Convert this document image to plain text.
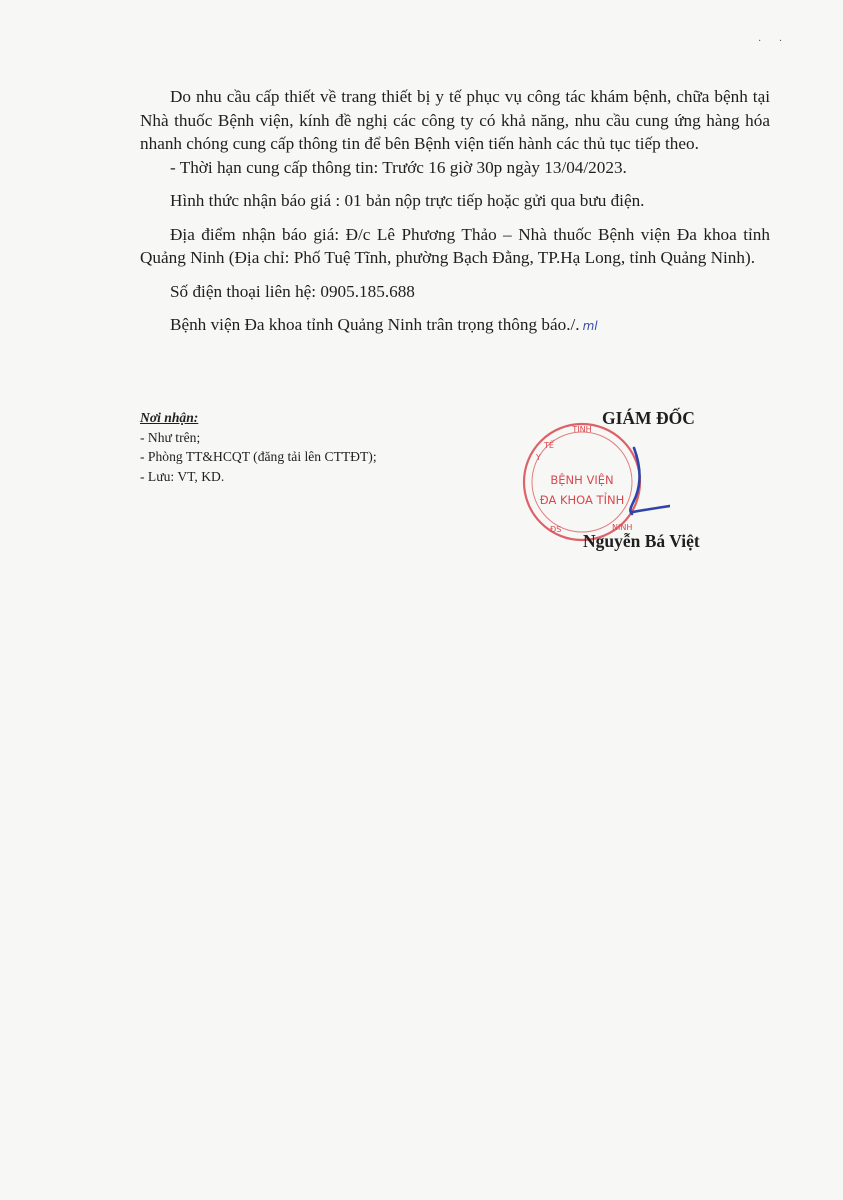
·       ·

Do nhu cầu cấp thiết về trang thiết bị y tế phục vụ công tác khám bệnh, chữa bệnh tại Nhà thuốc Bệnh viện, kính đề nghị các công ty có khả năng, nhu cầu cung ứng hàng hóa nhanh chóng cung cấp thông tin để bên Bệnh viện tiến hành các thủ tục tiếp theo.

- Thời hạn cung cấp thông tin: Trước 16 giờ 30p ngày 13/04/2023.

Hình thức nhận báo giá : 01 bản nộp trực tiếp hoặc gửi qua bưu điện.

Địa điểm nhận báo giá: Đ/c Lê Phương Thảo – Nhà thuốc Bệnh viện Đa khoa tỉnh Quảng Ninh (Địa chỉ: Phố Tuệ Tĩnh, phường Bạch Đằng, TP.Hạ Long, tỉnh Quảng Ninh).

Số điện thoại liên hệ: 0905.185.688

Bệnh viện Đa khoa tỉnh Quảng Ninh trân trọng thông báo./. ml

Nơi nhận:
- Như trên;
- Phòng TT&HCQT (đăng tải lên CTTĐT);
- Lưu: VT, KD.
TỈNH
Y
TẾ
ĐS	NINH
BỆNH VIỆN
ĐA KHOA TỈNH
GIÁM ĐỐC
Nguyễn Bá Việt
